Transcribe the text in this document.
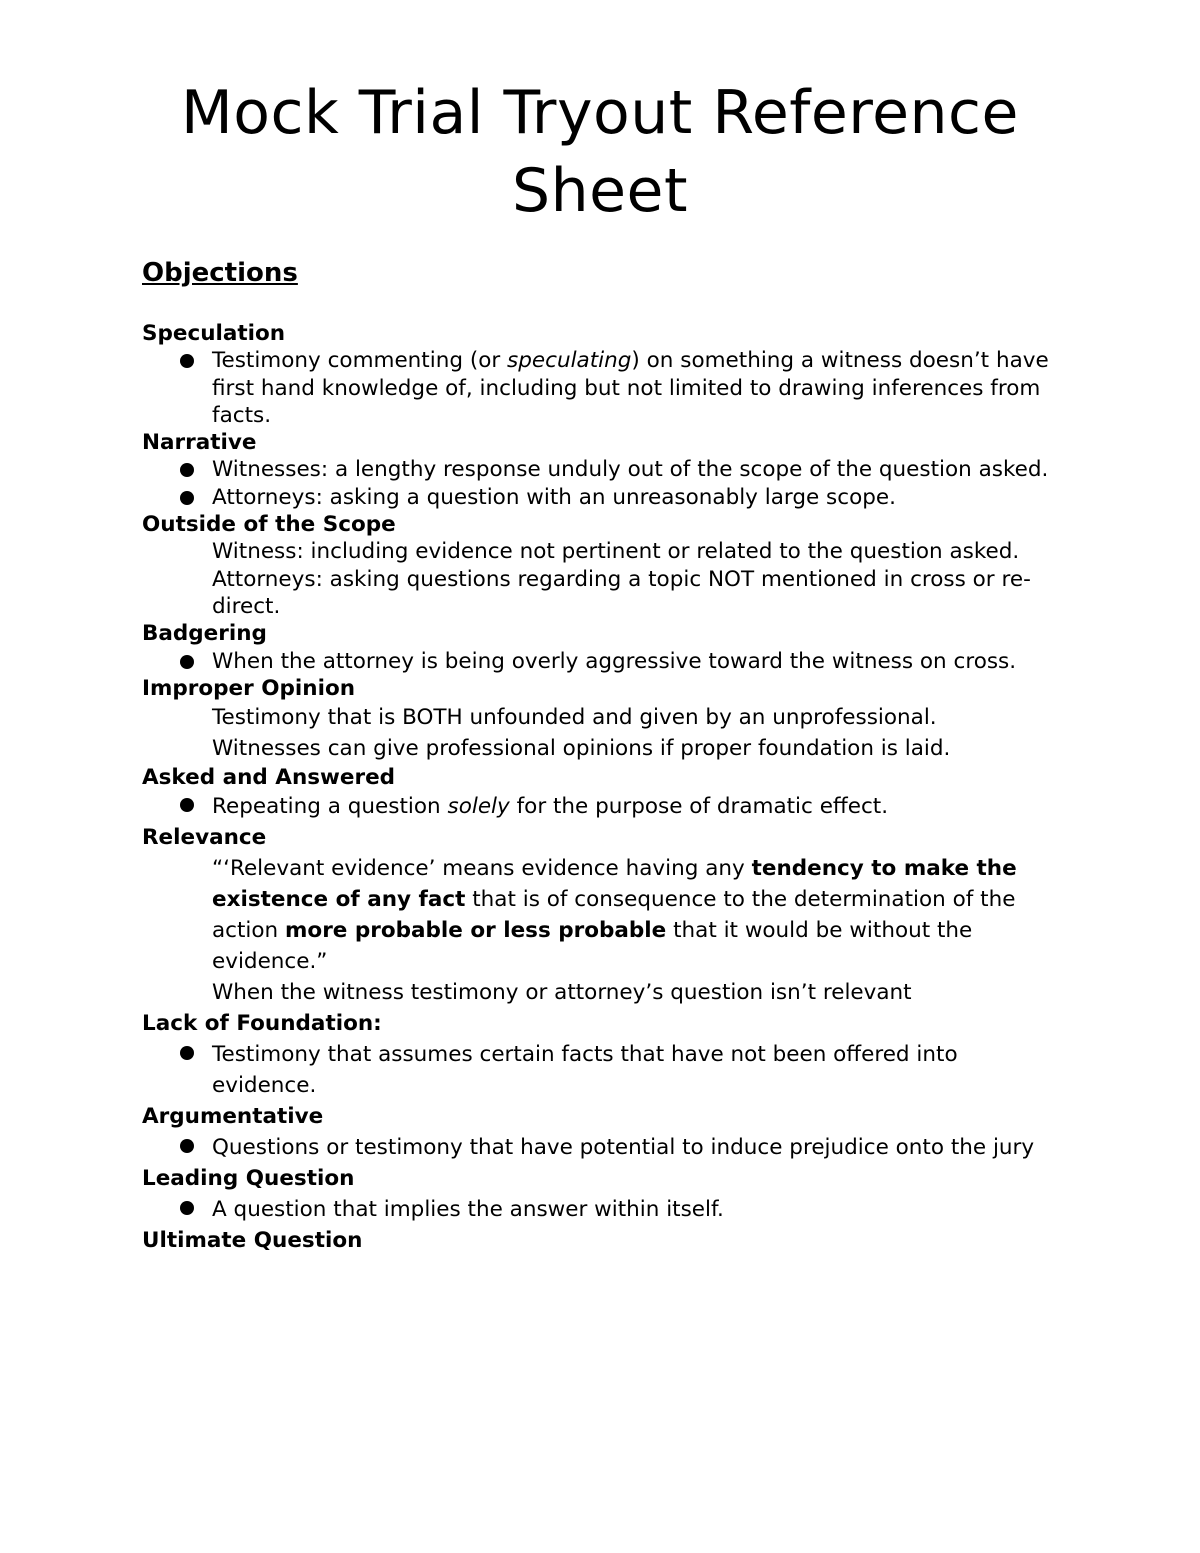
Mock Trial Tryout Reference
Sheet
Objections

Speculation

Testimony commenting (or speculating) on something a witness doesn’t have first hand knowledge of, including but not limited to drawing inferences from facts.

Narrative

Witnesses: a lengthy response unduly out of the scope of the question asked.

Attorneys: asking a question with an unreasonably large scope.

Outside of the Scope

Witness: including evidence not pertinent or related to the question asked.

Attorneys: asking questions regarding a topic NOT mentioned in cross or re-direct.

Badgering

When the attorney is being overly aggressive toward the witness on cross.

Improper Opinion

Testimony that is BOTH unfounded and given by an unprofessional.

Witnesses can give professional opinions if proper foundation is laid.

Asked and Answered

Repeating a question solely for the purpose of dramatic effect.

Relevance

“‘Relevant evidence’ means evidence having any tendency to make the existence of any fact that is of consequence to the determination of the action more probable or less probable that it would be without the evidence.”

When the witness testimony or attorney’s question isn’t relevant

Lack of Foundation:

Testimony that assumes certain facts that have not been offered into evidence.

Argumentative

Questions or testimony that have potential to induce prejudice onto the jury

Leading Question

A question that implies the answer within itself.

Ultimate Question
